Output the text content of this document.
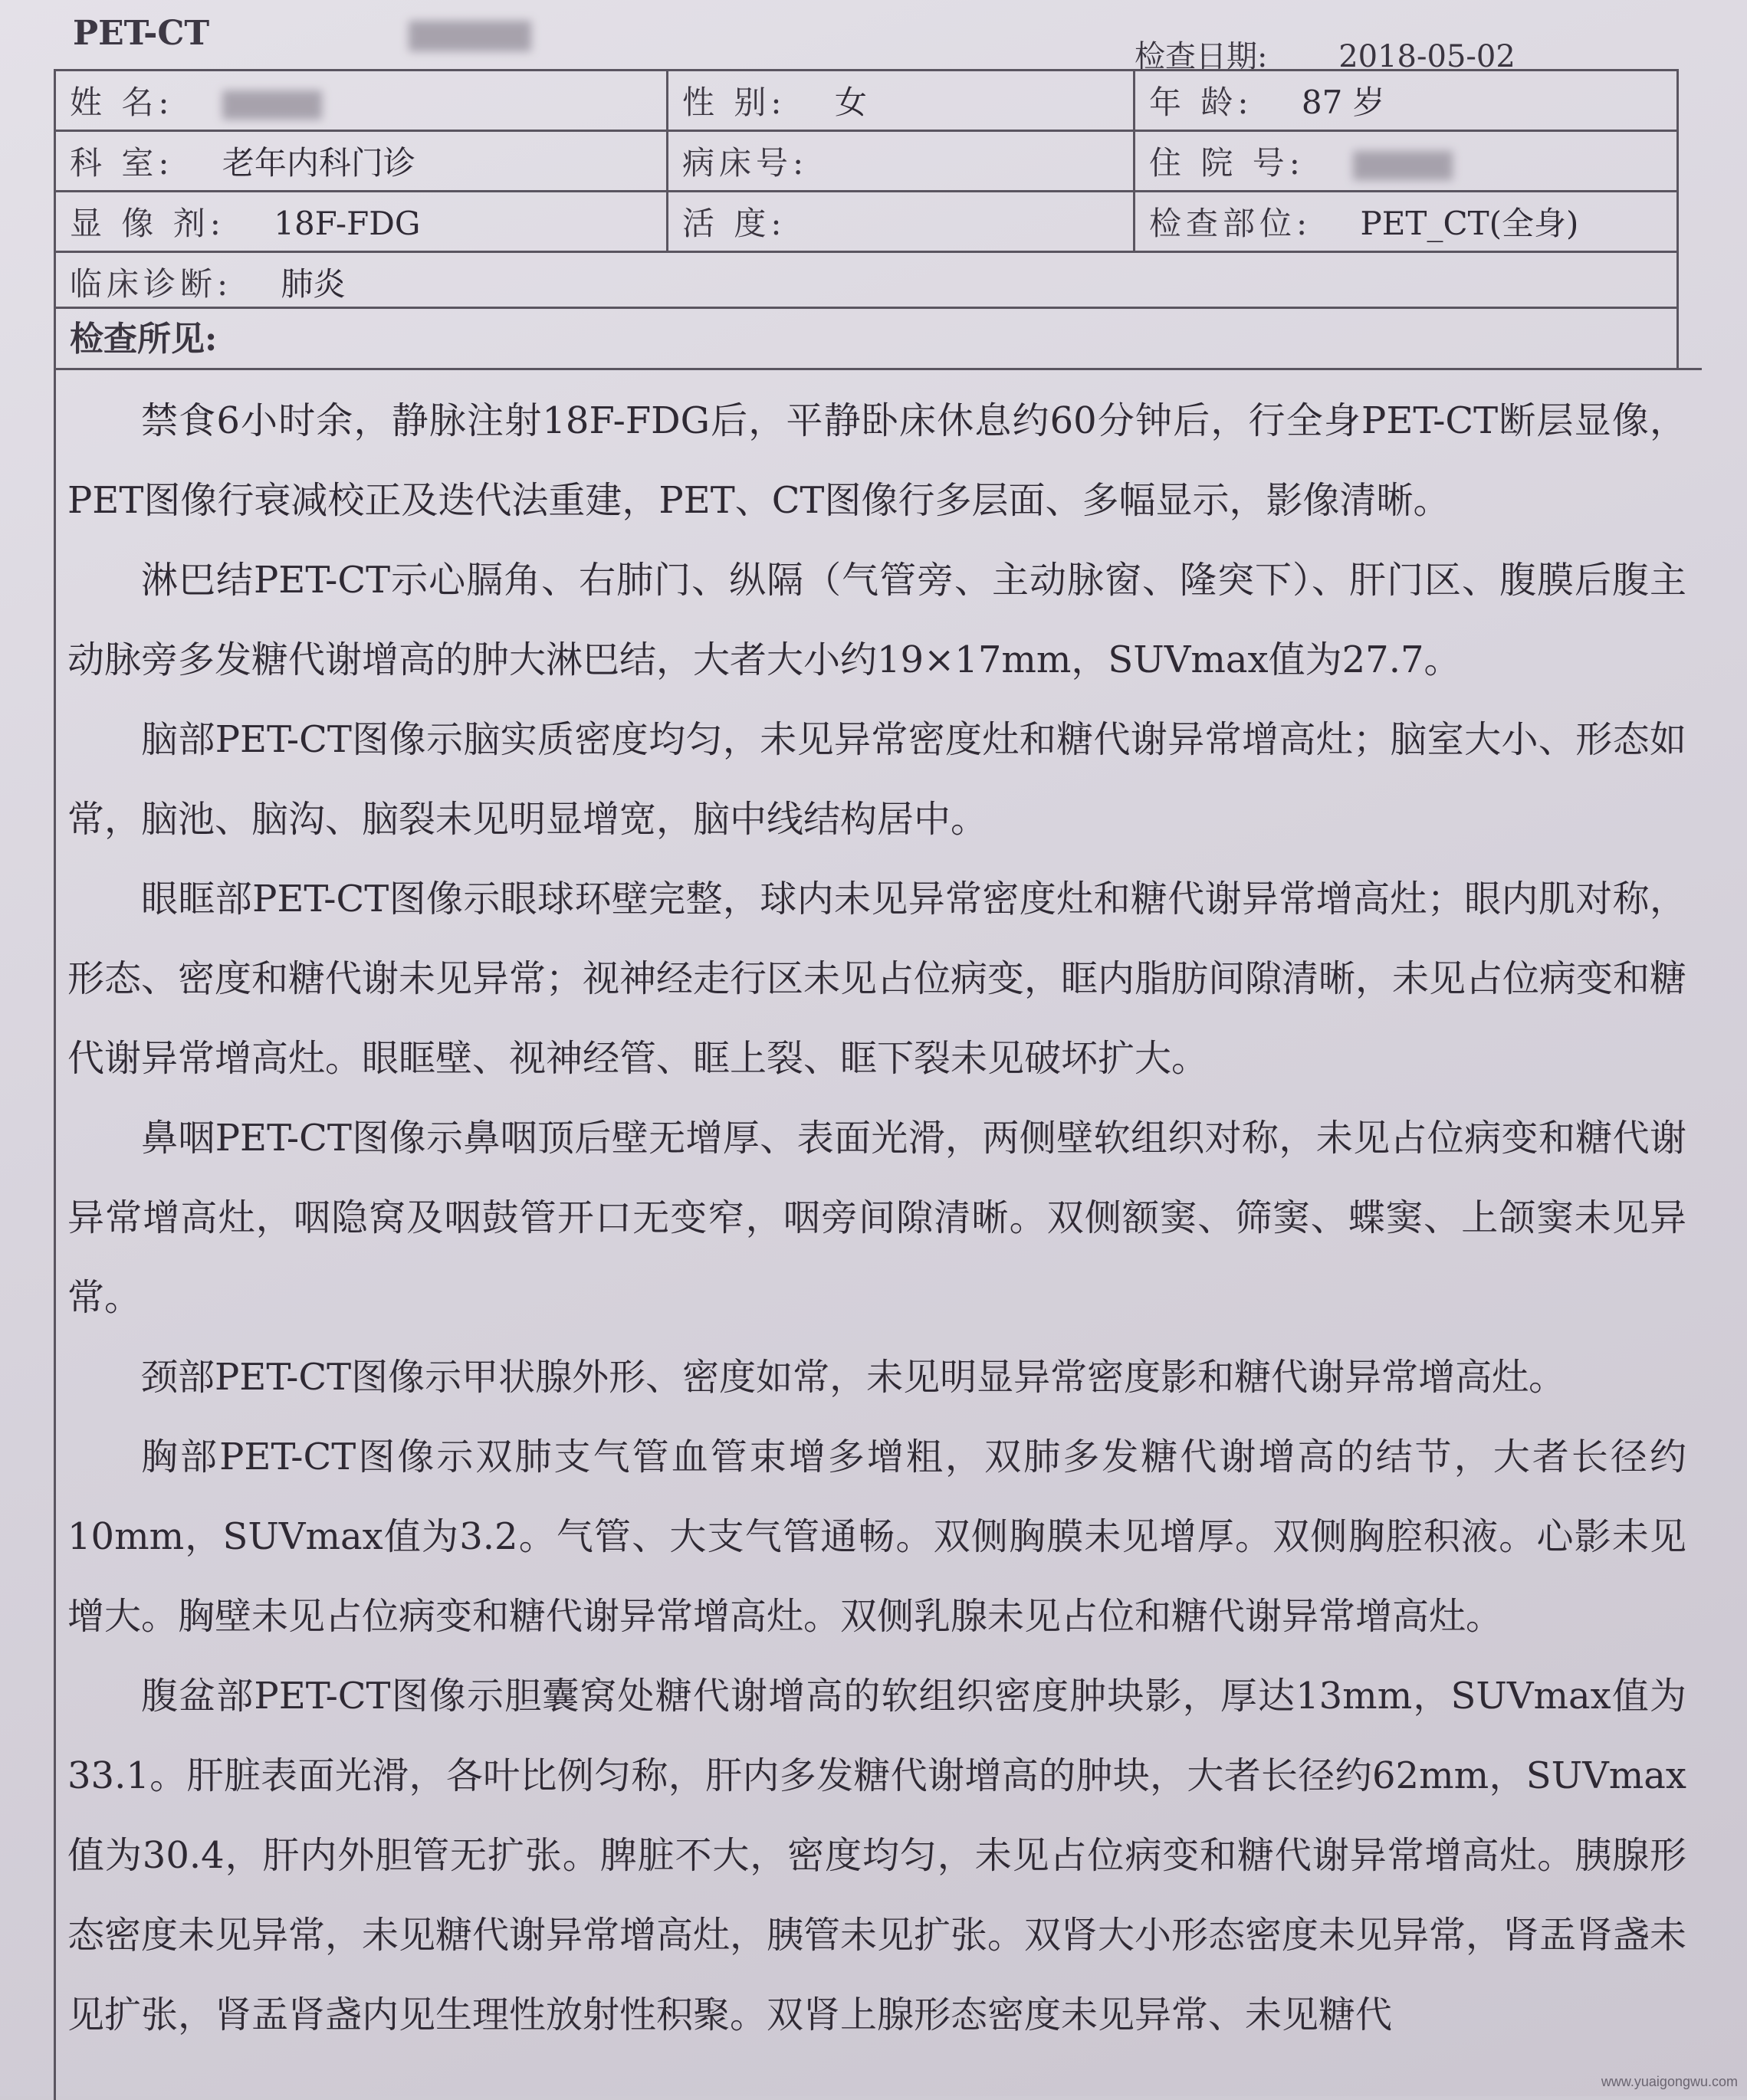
PET-CT
检查日期: 2018-05-02
姓 名:	性 别: 女	年 龄: 87 岁
科 室: 老年内科门诊	病床号:	住 院 号:
显 像 剂: 18F-FDG	活 度:	检查部位: PET_CT(全身)
临床诊断: 肺炎		
检查所见:

禁食6小时余，静脉注射18F-FDG后，平静卧床休息约60分钟后，行全身PET-CT断层显像，PET图像行衰减校正及迭代法重建，PET、CT图像行多层面、多幅显示，影像清晰。

淋巴结PET-CT示心膈角、右肺门、纵隔（气管旁、主动脉窗、隆突下）、肝门区、腹膜后腹主动脉旁多发糖代谢增高的肿大淋巴结，大者大小约19×17mm，SUVmax值为27.7。

脑部PET-CT图像示脑实质密度均匀，未见异常密度灶和糖代谢异常增高灶；脑室大小、形态如常，脑池、脑沟、脑裂未见明显增宽，脑中线结构居中。

眼眶部PET-CT图像示眼球环壁完整，球内未见异常密度灶和糖代谢异常增高灶；眼内肌对称，形态、密度和糖代谢未见异常；视神经走行区未见占位病变，眶内脂肪间隙清晰，未见占位病变和糖代谢异常增高灶。眼眶壁、视神经管、眶上裂、眶下裂未见破坏扩大。

鼻咽PET-CT图像示鼻咽顶后壁无增厚、表面光滑，两侧壁软组织对称，未见占位病变和糖代谢异常增高灶，咽隐窝及咽鼓管开口无变窄，咽旁间隙清晰。双侧额窦、筛窦、蝶窦、上颌窦未见异常。

颈部PET-CT图像示甲状腺外形、密度如常，未见明显异常密度影和糖代谢异常增高灶。

胸部PET-CT图像示双肺支气管血管束增多增粗，双肺多发糖代谢增高的结节，大者长径约10mm，SUVmax值为3.2。气管、大支气管通畅。双侧胸膜未见增厚。双侧胸腔积液。心影未见增大。胸壁未见占位病变和糖代谢异常增高灶。双侧乳腺未见占位和糖代谢异常增高灶。

腹盆部PET-CT图像示胆囊窝处糖代谢增高的软组织密度肿块影，厚达13mm，SUVmax值为33.1。肝脏表面光滑，各叶比例匀称，肝内多发糖代谢增高的肿块，大者长径约62mm，SUVmax值为30.4，肝内外胆管无扩张。脾脏不大，密度均匀，未见占位病变和糖代谢异常增高灶。胰腺形态密度未见异常，未见糖代谢异常增高灶，胰管未见扩张。双肾大小形态密度未见异常，肾盂肾盏未见扩张，肾盂肾盏内见生理性放射性积聚。双肾上腺形态密度未见异常、未见糖代

www.yuaigongwu.com
